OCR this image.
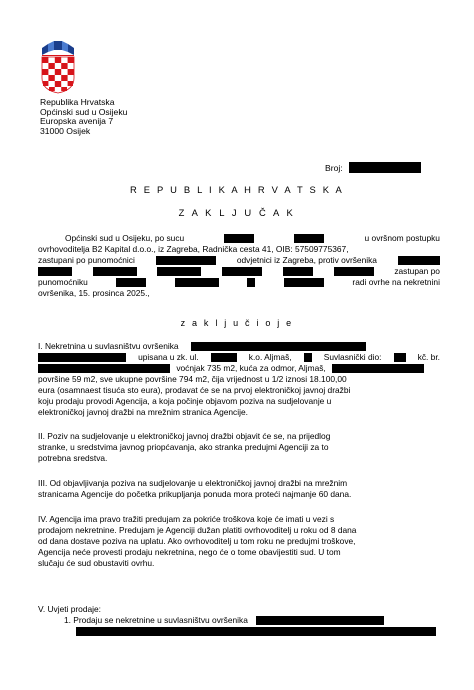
Republika Hrvatska
Općinski sud u Osijeku
Europska avenija 7
31000 Osijek
Broj:
R E P U B L I K A H R V A T S K A
Z A K L J U Č A K
Općinski sud u Osijeku, po sucu	u ovršnom postupku
ovrhovoditelja B2 Kapital d.o.o., iz Zagreba, Radnička cesta 41, OIB: 57509775367,
zastupani po punomoćnici	odvjetnici iz Zagreba, protiv ovršenika
zastupan po
punomoćniku	radi ovrhe na nekretnini
ovršenika, 15. prosinca 2025.,
z a k l j u č i o j e
I. Nekretnina u suvlasništvu ovršenika
upisana u zk. ul.	k.o. Aljmaš,	Suvlasnički dio:	kč. br.
voćnjak 735 m2, kuća za odmor, Aljmaš,
površine 59 m2, sve ukupne površine 794 m2, čija vrijednost u 1/2 iznosi 18.100,00
eura (osamnaest tisuća sto eura), prodavat će se na prvoj elektroničkoj javnoj dražbi
koju prodaju provodi Agencija, a koja počinje objavom poziva na sudjelovanje u
elektroničkoj javnoj dražbi na mrežnim stranica Agencije.
II. Poziv na sudjelovanje u elektroničkoj javnoj dražbi objavit će se, na prijedlog
stranke, u sredstvima javnog priopćavanja, ako stranka predujmi Agenciji za to
potrebna sredstva.
III. Od objavljivanja poziva na sudjelovanje u elektroničkoj javnoj dražbi na mrežnim
stranicama Agencije do početka prikupljanja ponuda mora proteći najmanje 60 dana.
IV. Agencija ima pravo tražiti predujam za pokriće troškova koje će imati u vezi s
prodajom nekretnine. Predujam je Agenciji dužan platiti ovrhovoditelj u roku od 8 dana
od dana dostave poziva na uplatu. Ako ovrhovoditelj u tom roku ne predujmi troškove,
Agencija neće provesti prodaju nekretnina, nego će o tome obavijestiti sud. U tom
slučaju će sud obustaviti ovrhu.
V. Uvjeti prodaje:
1. Prodaju se nekretnine u suvlasništvu ovršenika
